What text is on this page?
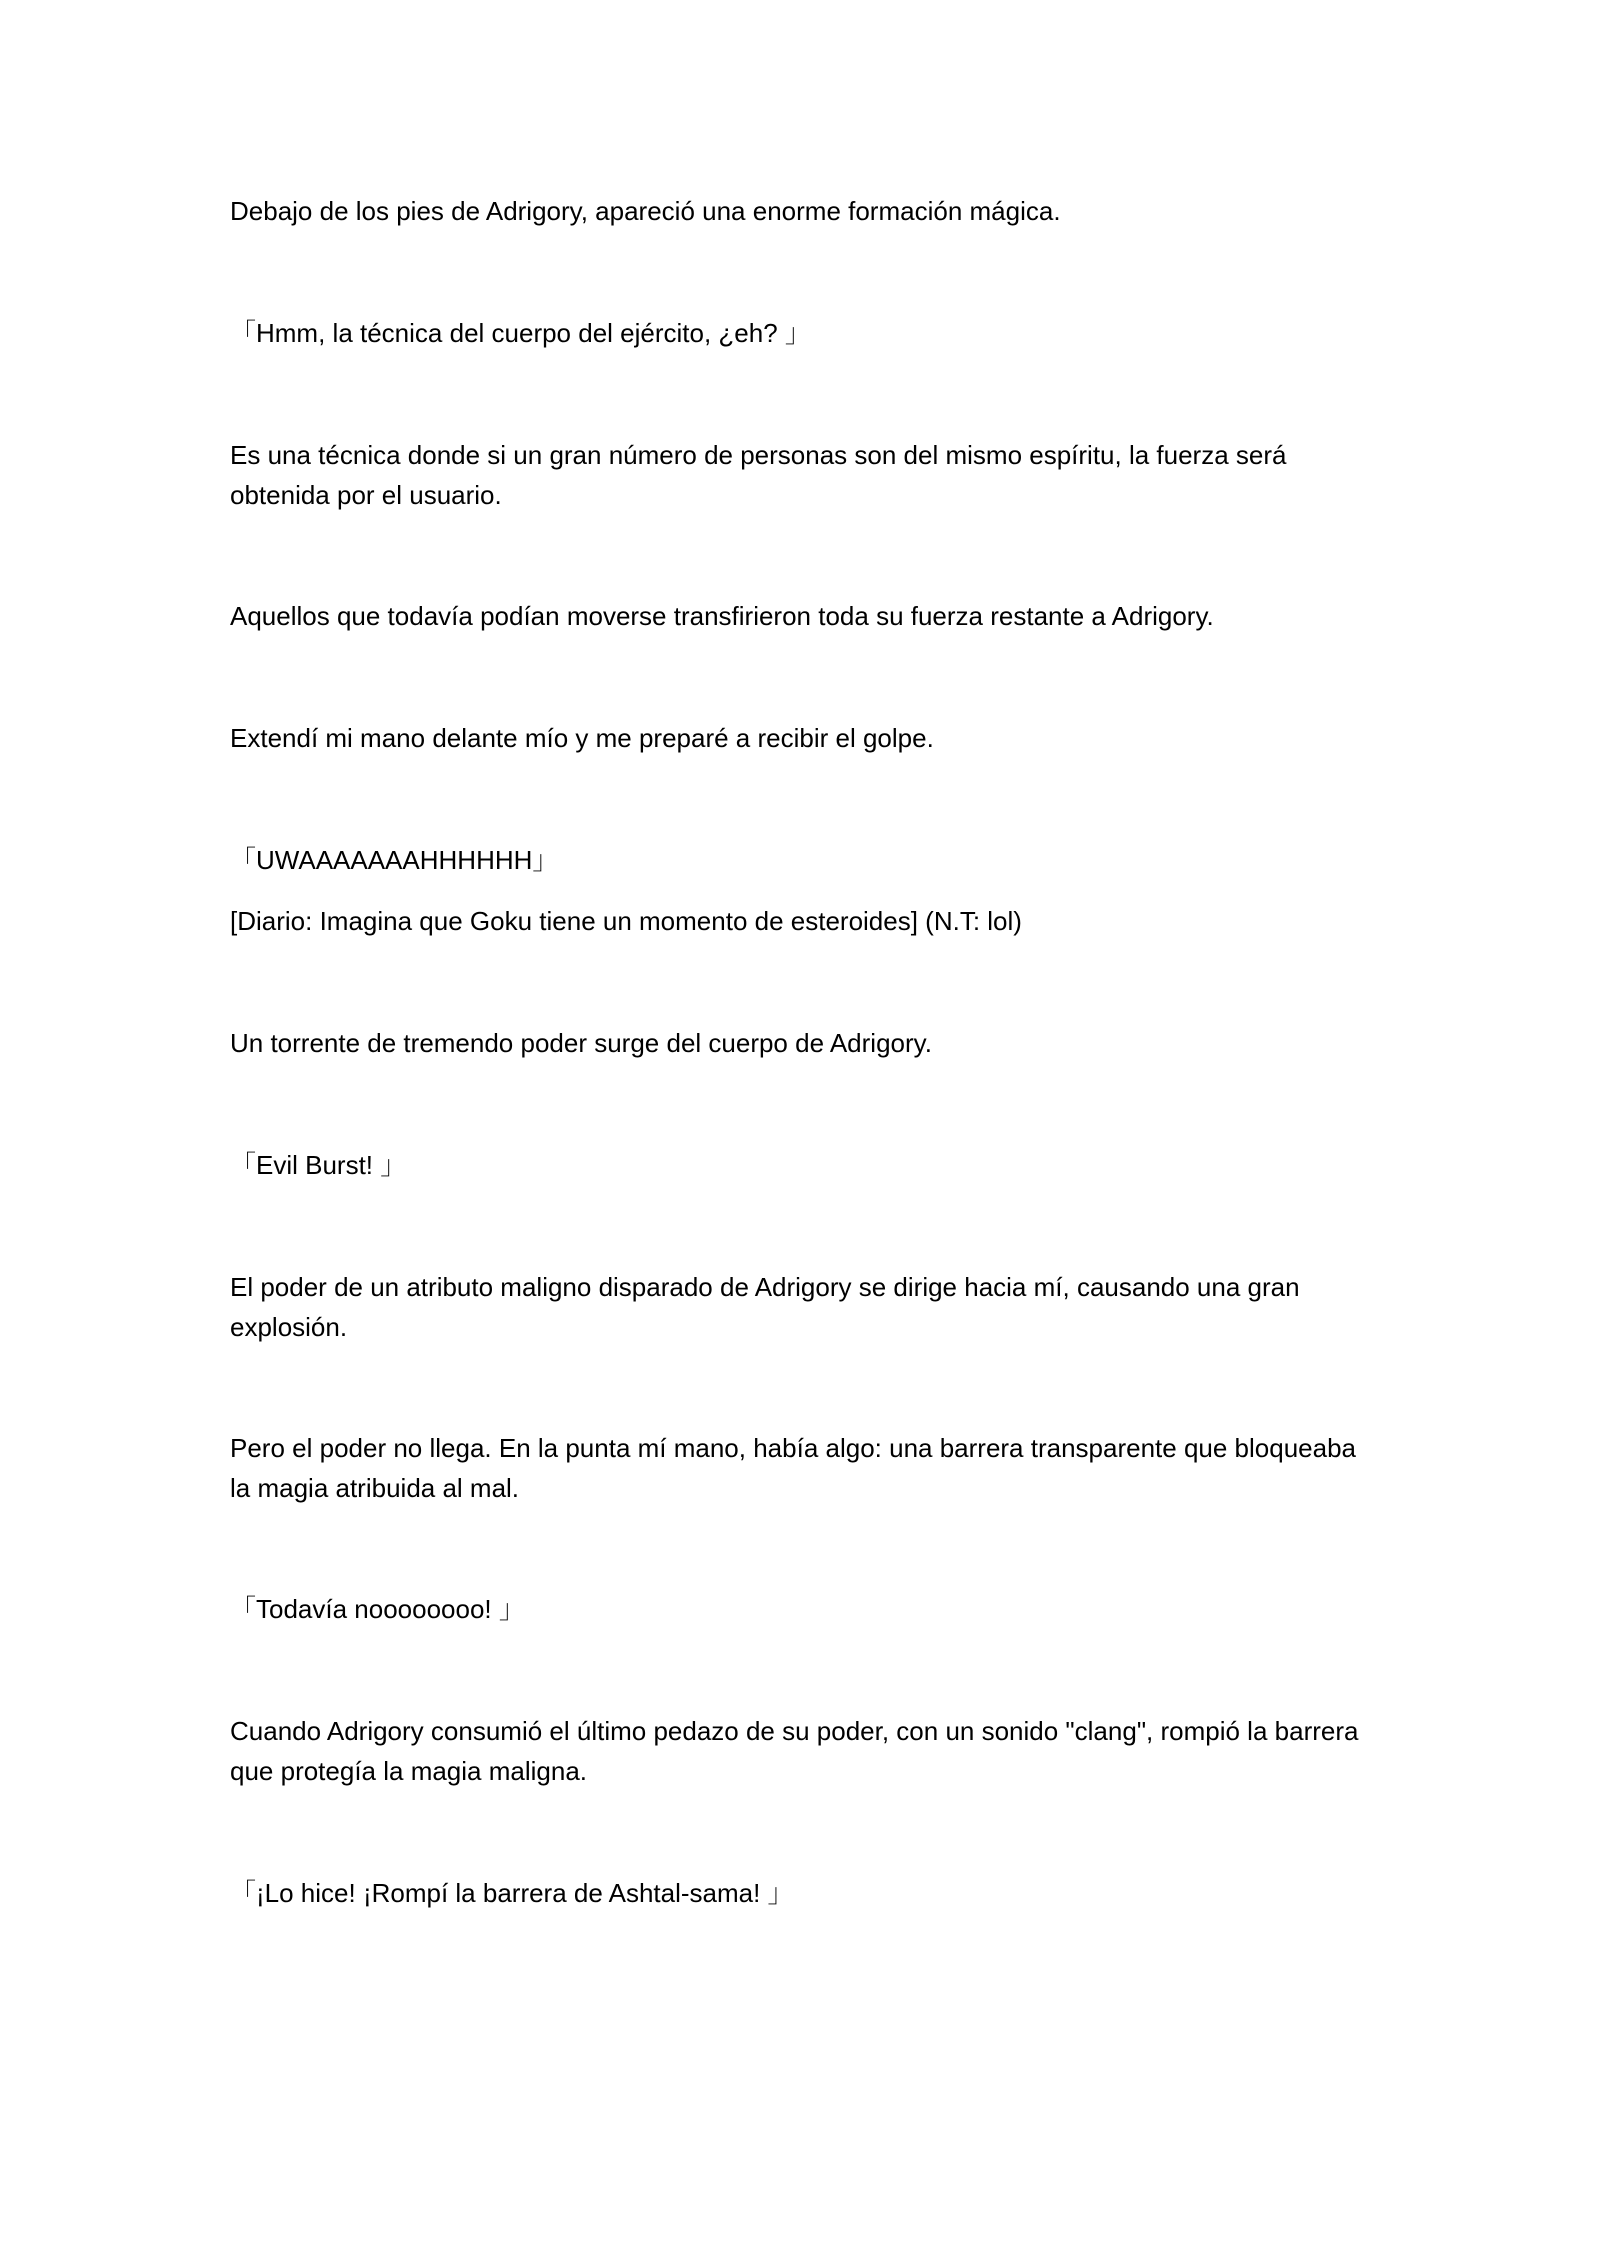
Debajo de los pies de Adrigory, apareció una enorme formación mágica.

「Hmm, la técnica del cuerpo del ejército, ¿eh? 」

Es una técnica donde si un gran número de personas son del mismo espíritu, la fuerza será obtenida por el usuario.

Aquellos que todavía podían moverse transfirieron toda su fuerza restante a Adrigory.

Extendí mi mano delante mío y me preparé a recibir el golpe.

「UWAAAAAAAHHHHHH」

[Diario: Imagina que Goku tiene un momento de esteroides] (N.T: lol)

Un torrente de tremendo poder surge del cuerpo de Adrigory.

「Evil Burst! 」

El poder de un atributo maligno disparado de Adrigory se dirige hacia mí, causando una gran explosión.

Pero el poder no llega. En la punta mí mano, había algo: una barrera transparente que bloqueaba la magia atribuida al mal.

「Todavía noooooooo! 」

Cuando Adrigory consumió el último pedazo de su poder, con un sonido "clang", rompió la barrera que protegía la magia maligna.

「¡Lo hice! ¡Rompí la barrera de Ashtal-sama! 」
